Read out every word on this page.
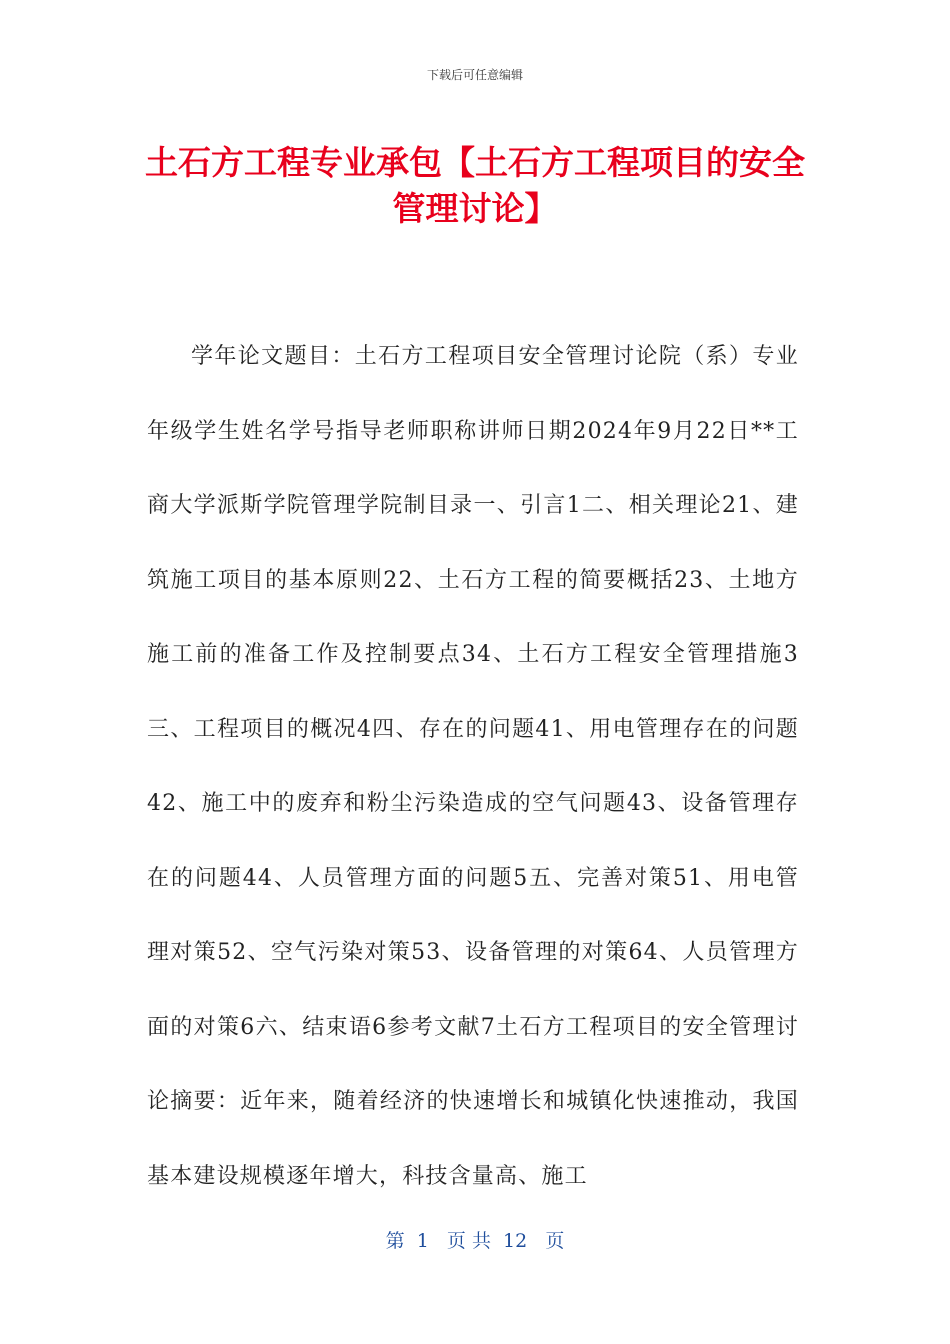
下载后可任意编辑
土石方工程专业承包【土石方工程项目的安全管理讨论】
学年论文题目：土石方工程项目安全管理讨论院（系）专业年级学生姓名学号指导老师职称讲师日期2024年9月22日**工商大学派斯学院管理学院制目录一、引言1二、相关理论21、建筑施工项目的基本原则22、土石方工程的简要概括23、土地方施工前的准备工作及控制要点34、土石方工程安全管理措施3三、工程项目的概况4四、存在的问题41、用电管理存在的问题42、施工中的废弃和粉尘污染造成的空气问题43、设备管理存在的问题44、人员管理方面的问题5五、完善对策51、用电管理对策52、空气污染对策53、设备管理的对策64、人员管理方面的对策6六、结束语6参考文献7土石方工程项目的安全管理讨论摘要：近年来，随着经济的快速增长和城镇化快速推动，我国基本建设规模逐年增大，科技含量高、施工
第  1   页 共  12   页
